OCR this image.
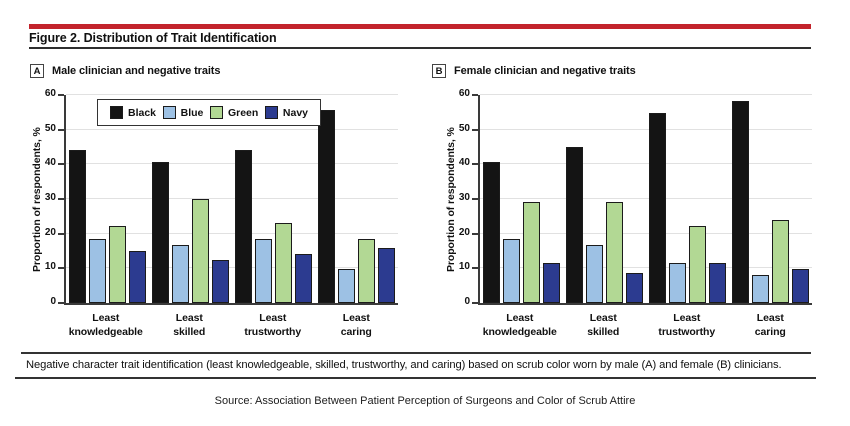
Figure 2. Distribution of Trait Identification
A	Male clinician and negative traits
Proportion of respondents, %
0
10
20
30
40
50
60
Black Blue Green Navy
Least
knowledgeable
Least
skilled
Least
trustworthy
Least
caring
B	Female clinician and negative traits
Proportion of respondents, %
0
10
20
30
40
50
60
Least
knowledgeable
Least
skilled
Least
trustworthy
Least
caring
Negative character trait identification (least knowledgeable, skilled, trustworthy, and caring) based on scrub color worn by male (A) and female (B) clinicians.
Source: Association Between Patient Perception of Surgeons and Color of Scrub Attire
